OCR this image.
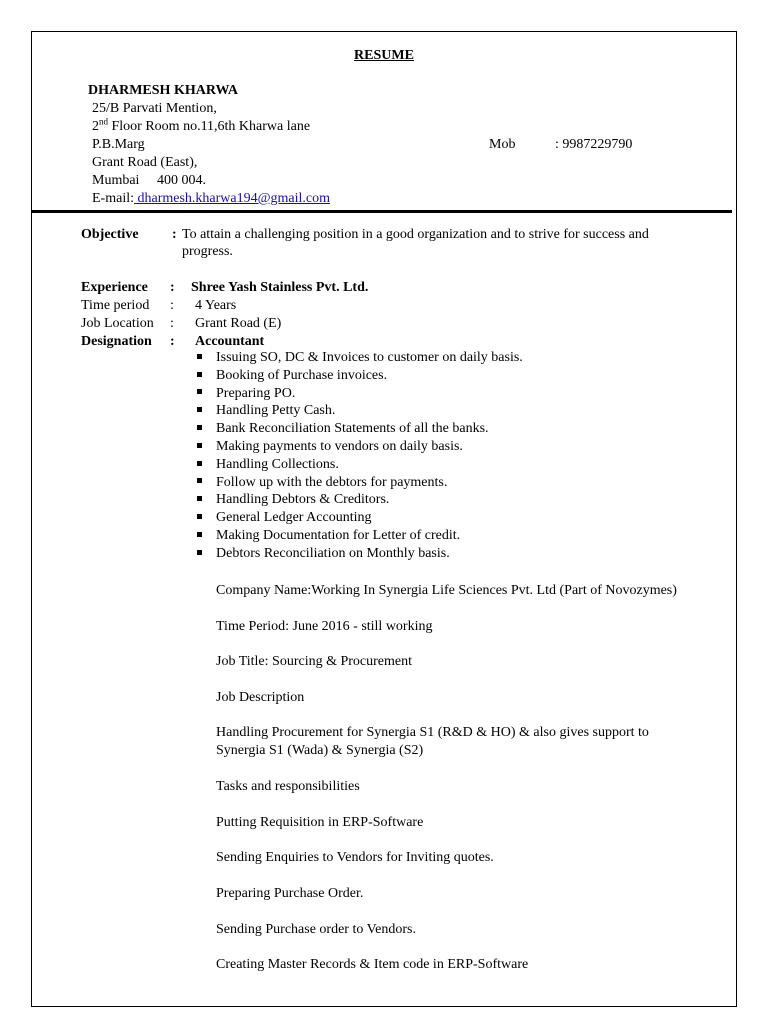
RESUME
DHARMESH KHARWA
25/B Parvati Mention,
2nd Floor Room no.11,6th Kharwa lane
P.B.Marg
Grant Road (East),
Mumbai     400 004.
E-mail: dharmesh.kharwa194@gmail.com
Mob	: 9987229790
Objective : To attain a challenging position in a good organization and to strive for success and
progress.
Experience : Shree Yash Stainless Pvt. Ltd.
Time period : 4 Years
Job Location : Grant Road (E)
Designation : Accountant
Issuing SO, DC & Invoices to customer on daily basis.
Booking of Purchase invoices.
Preparing PO.
Handling Petty Cash.
Bank Reconciliation Statements of all the banks.
Making payments to vendors on daily basis.
Handling Collections.
Follow up with the debtors for payments.
Handling Debtors & Creditors.
General Ledger Accounting
Making Documentation for Letter of credit.
Debtors Reconciliation on Monthly basis.
Company Name:Working In Synergia Life Sciences Pvt. Ltd (Part of Novozymes)
Time Period: June 2016 - still working
Job Title: Sourcing & Procurement
Job Description
Handling Procurement for Synergia S1 (R&D & HO) & also gives support to Synergia S1 (Wada) & Synergia (S2)
Tasks and responsibilities
Putting Requisition in ERP-Software
Sending Enquiries to Vendors for Inviting quotes.
Preparing Purchase Order.
Sending Purchase order to Vendors.
Creating Master Records & Item code in ERP-Software
